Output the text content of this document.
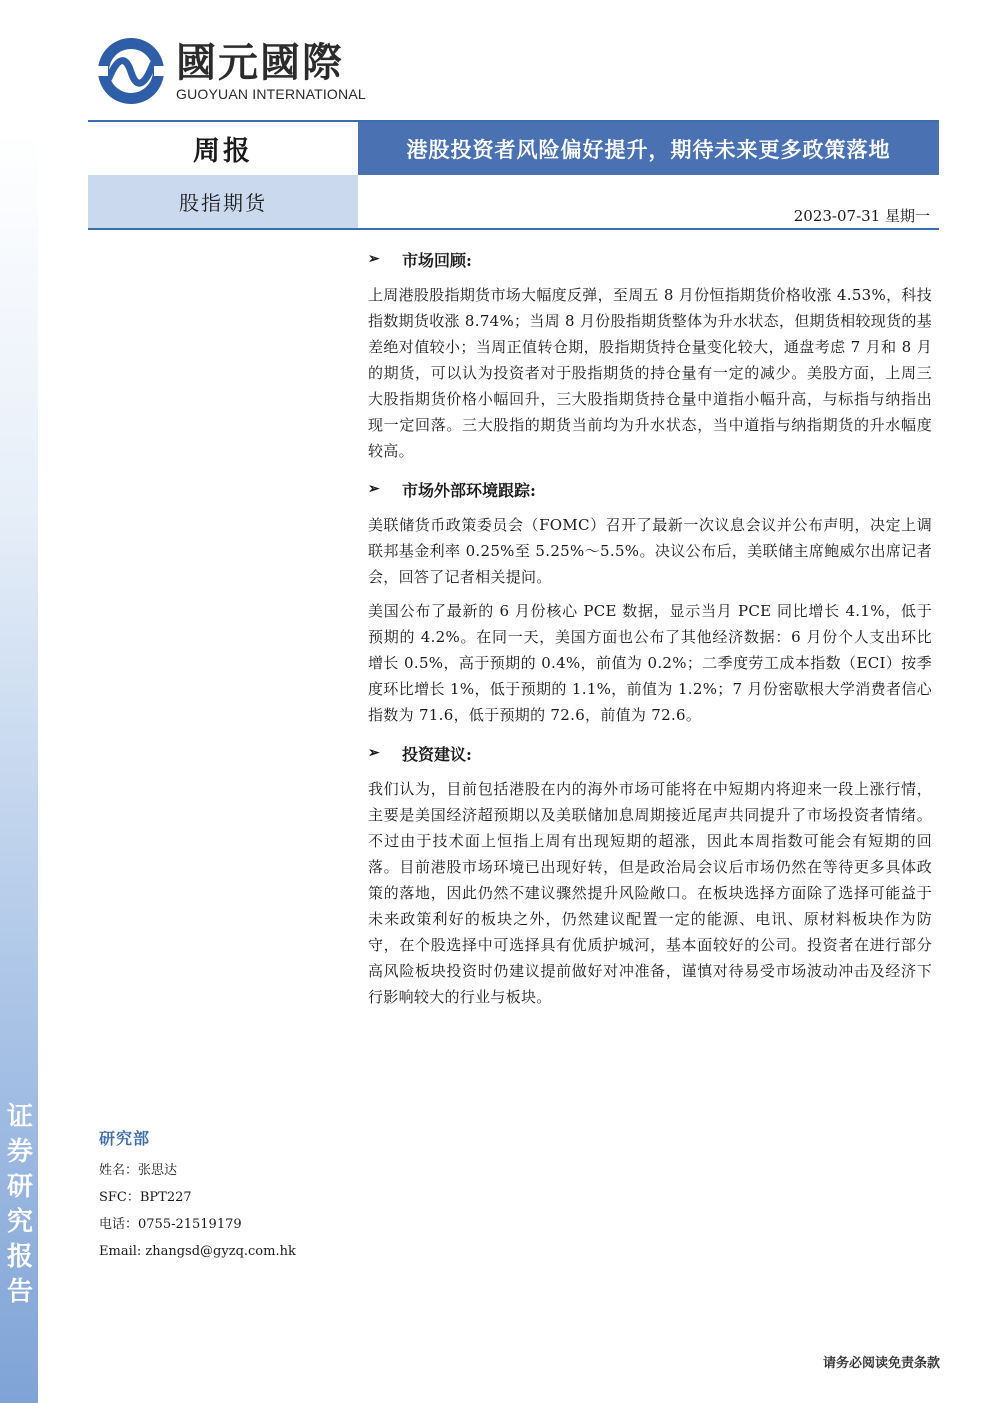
证
券
研
究
报
告
國元國際
GUOYUAN INTERNATIONAL
周报	港股投资者风险偏好提升，期待未来更多政策落地
股指期货
2023-07-31 星期一
➢	市场回顾:

上周港股股指期货市场大幅度反弹，至周五 8 月份恒指期货价格收涨 4.53%，科技指数期货收涨 8.74%；当周 8 月份股指期货整体为升水状态，但期货相较现货的基差绝对值较小；当周正值转仓期，股指期货持仓量变化较大，通盘考虑 7 月和 8 月的期货，可以认为投资者对于股指期货的持仓量有一定的减少。美股方面，上周三大股指期货价格小幅回升，三大股指期货持仓量中道指小幅升高，与标指与纳指出现一定回落。三大股指的期货当前均为升水状态，当中道指与纳指期货的升水幅度较高。

➢	市场外部环境跟踪:

美联储货币政策委员会（FOMC）召开了最新一次议息会议并公布声明，决定上调联邦基金利率 0.25%至 5.25%～5.5%。决议公布后，美联储主席鲍威尔出席记者会，回答了记者相关提问。

美国公布了最新的 6 月份核心 PCE 数据，显示当月 PCE 同比增长 4.1%，低于预期的 4.2%。在同一天，美国方面也公布了其他经济数据：6 月份个人支出环比增长 0.5%，高于预期的 0.4%，前值为 0.2%；二季度劳工成本指数（ECI）按季度环比增长 1%，低于预期的 1.1%，前值为 1.2%；7 月份密歇根大学消费者信心指数为 71.6，低于预期的 72.6，前值为 72.6。

➢	投资建议:

我们认为，目前包括港股在内的海外市场可能将在中短期内将迎来一段上涨行情，主要是美国经济超预期以及美联储加息周期接近尾声共同提升了市场投资者情绪。不过由于技术面上恒指上周有出现短期的超涨，因此本周指数可能会有短期的回落。目前港股市场环境已出现好转，但是政治局会议后市场仍然在等待更多具体政策的落地，因此仍然不建议骤然提升风险敞口。在板块选择方面除了选择可能益于未来政策利好的板块之外，仍然建议配置一定的能源、电讯、原材料板块作为防守，在个股选择中可选择具有优质护城河，基本面较好的公司。投资者在进行部分高风险板块投资时仍建议提前做好对冲准备，谨慎对待易受市场波动冲击及经济下行影响较大的行业与板块。

研究部
姓名：张思达
SFC：BPT227
电话：0755-21519179
Email: zhangsd@gyzq.com.hk
请务必阅读免责条款
